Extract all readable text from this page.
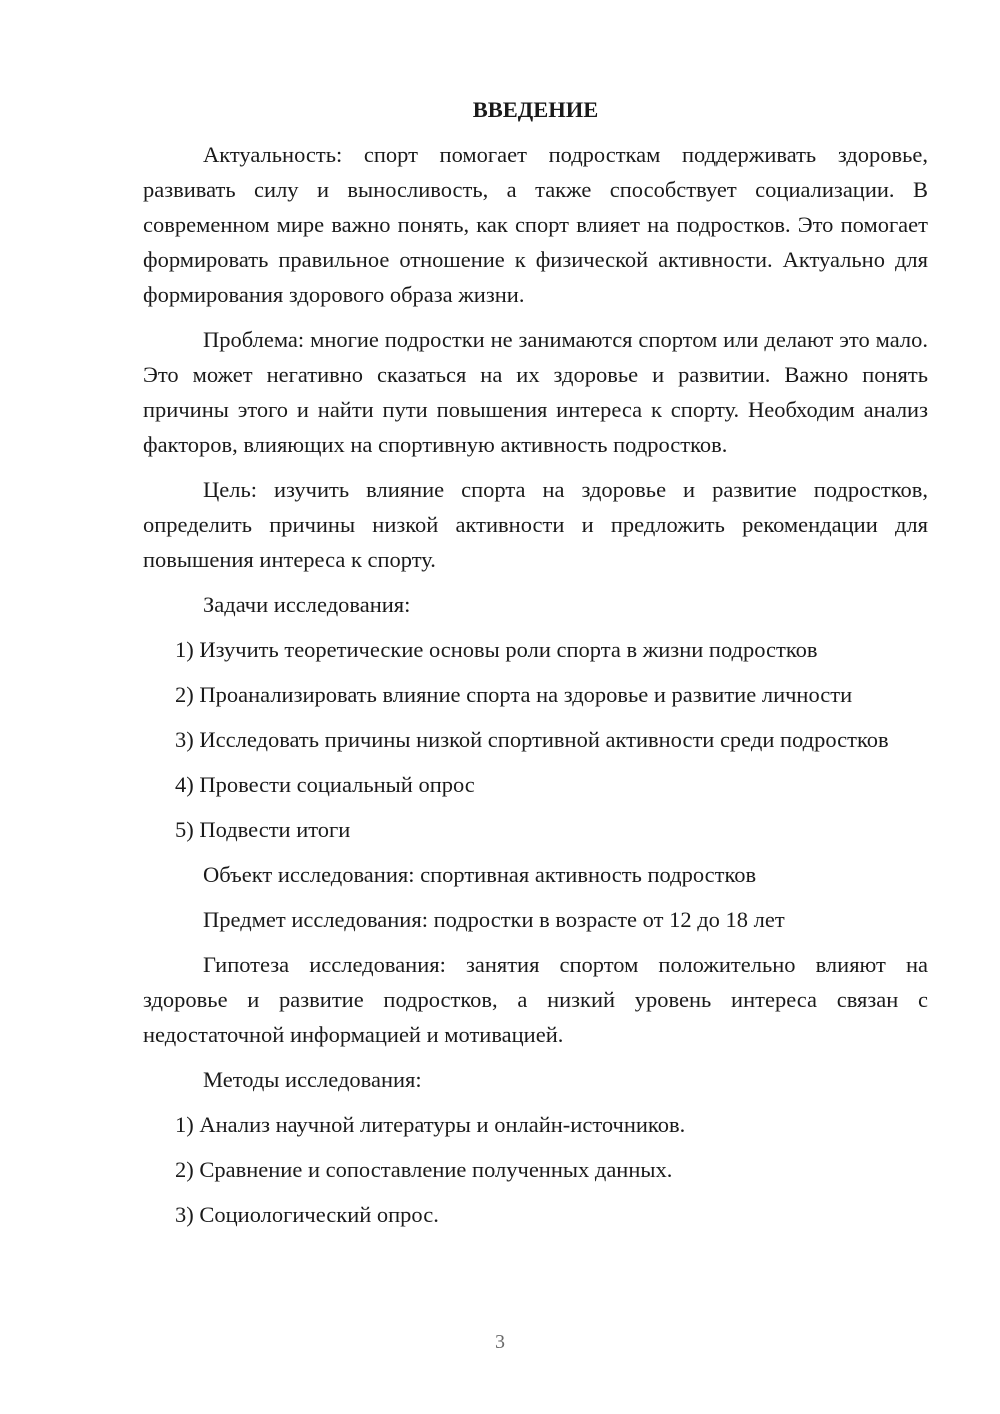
ВВЕДЕНИЕ

Актуальность: спорт помогает подросткам поддерживать здоровье, развивать силу и выносливость, а также способствует социализации. В современном мире важно понять, как спорт влияет на подростков. Это помогает формировать правильное отношение к физической активности. Актуально для формирования здорового образа жизни.

Проблема: многие подростки не занимаются спортом или делают это мало. Это может негативно сказаться на их здоровье и развитии. Важно понять причины этого и найти пути повышения интереса к спорту. Необходим анализ факторов, влияющих на спортивную активность подростков.

Цель: изучить влияние спорта на здоровье и развитие подростков, определить причины низкой активности и предложить рекомендации для повышения интереса к спорту.

Задачи исследования:

1) Изучить теоретические основы роли спорта в жизни подростков

2) Проанализировать влияние спорта на здоровье и развитие личности

3) Исследовать причины низкой спортивной активности среди подростков

4) Провести социальный опрос

5) Подвести итоги

Объект исследования: спортивная активность подростков

Предмет исследования: подростки в возрасте от 12 до 18 лет

Гипотеза исследования: занятия спортом положительно влияют на здоровье и развитие подростков, а низкий уровень интереса связан с недостаточной информацией и мотивацией.

Методы исследования:

1) Анализ научной литературы и онлайн-источников.

2) Сравнение и сопоставление полученных данных.

3) Социологический опрос.

3
